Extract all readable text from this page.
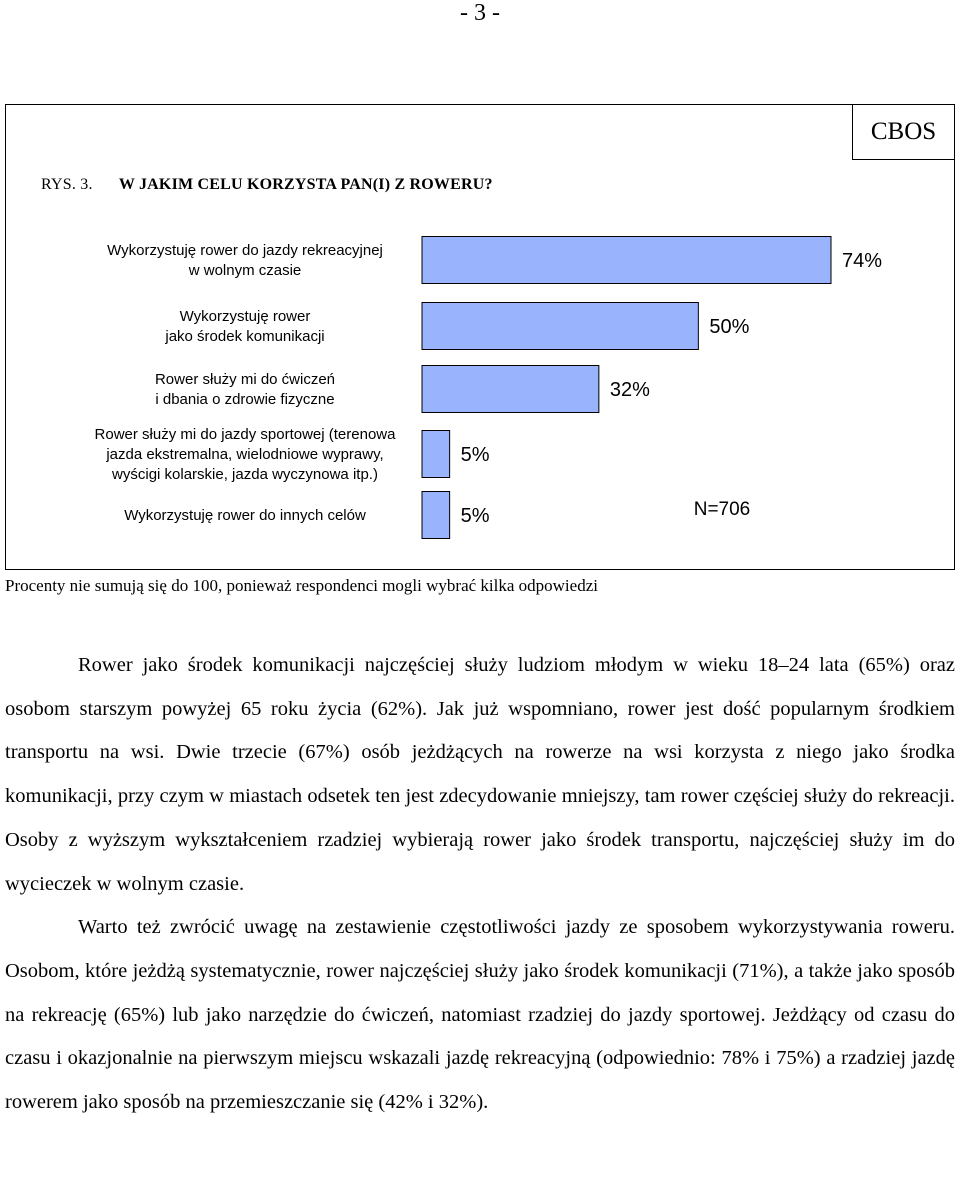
- 3 -
CBOS
RYS. 3. W JAKIM CELU KORZYSTA PAN(I) Z ROWERU?
Wykorzystuję rower do jazdy rekreacyjnej w wolnym czasie
Wykorzystuję rower jako środek komunikacji
Rower służy mi do ćwiczeń i dbania o zdrowie fizyczne
Rower służy mi do jazdy sportowej (terenowa jazda ekstremalna, wielodniowe wyprawy, wyścigi kolarskie, jazda wyczynowa itp.)
Wykorzystuję rower do innych celów
74%
50%
32%
5%
5%	N=706
Procenty nie sumują się do 100, ponieważ respondenci mogli wybrać kilka odpowiedzi

Rower jako środek komunikacji najczęściej służy ludziom młodym w wieku 18–24 lata (65%) oraz osobom starszym powyżej 65 roku życia (62%). Jak już wspomniano, rower jest dość popularnym środkiem transportu na wsi. Dwie trzecie (67%) osób jeżdżących na rowerze na wsi korzysta z niego jako środka komunikacji, przy czym w miastach odsetek ten jest zdecydowanie mniejszy, tam rower częściej służy do rekreacji. Osoby z wyższym wykształceniem rzadziej wybierają rower jako środek transportu, najczęściej służy im do wycieczek w wolnym czasie.

Warto też zwrócić uwagę na zestawienie częstotliwości jazdy ze sposobem wykorzystywania roweru. Osobom, które jeżdżą systematycznie, rower najczęściej służy jako środek komunikacji (71%), a także jako sposób na rekreację (65%) lub jako narzędzie do ćwiczeń, natomiast rzadziej do jazdy sportowej. Jeżdżący od czasu do czasu i okazjonalnie na pierwszym miejscu wskazali jazdę rekreacyjną (odpowiednio: 78% i 75%) a rzadziej jazdę rowerem jako sposób na przemieszczanie się (42% i 32%).
